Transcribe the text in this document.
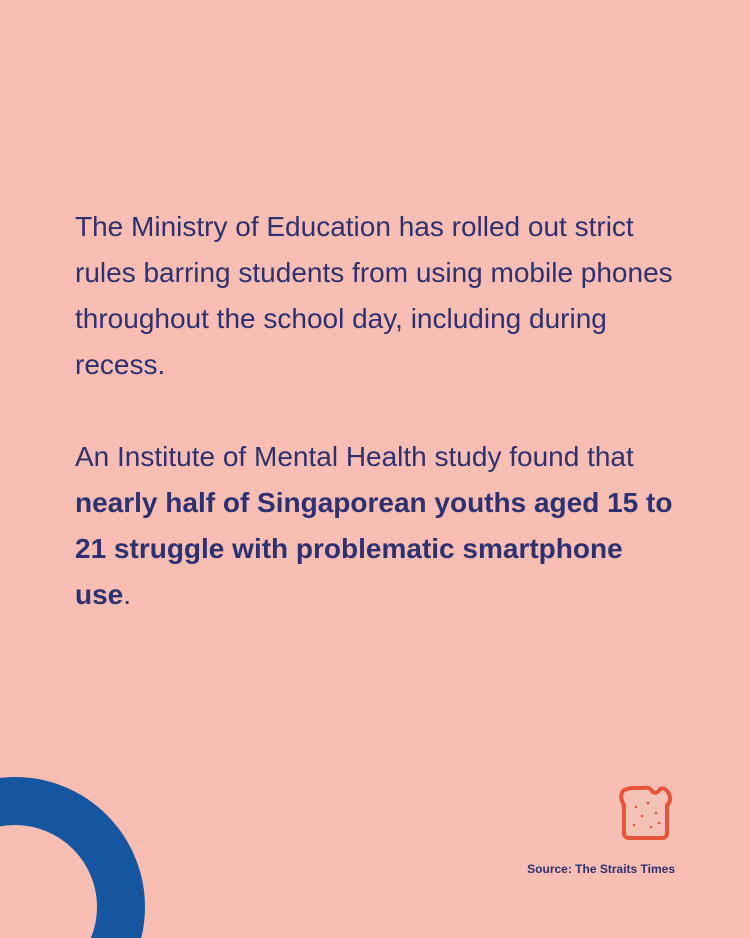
The Ministry of Education has rolled out strict rules barring students from using mobile phones throughout the school day, including during recess.

An Institute of Mental Health study found that nearly half of Singaporean youths aged 15 to 21 struggle with problematic smartphone use.

Source: The Straits Times
